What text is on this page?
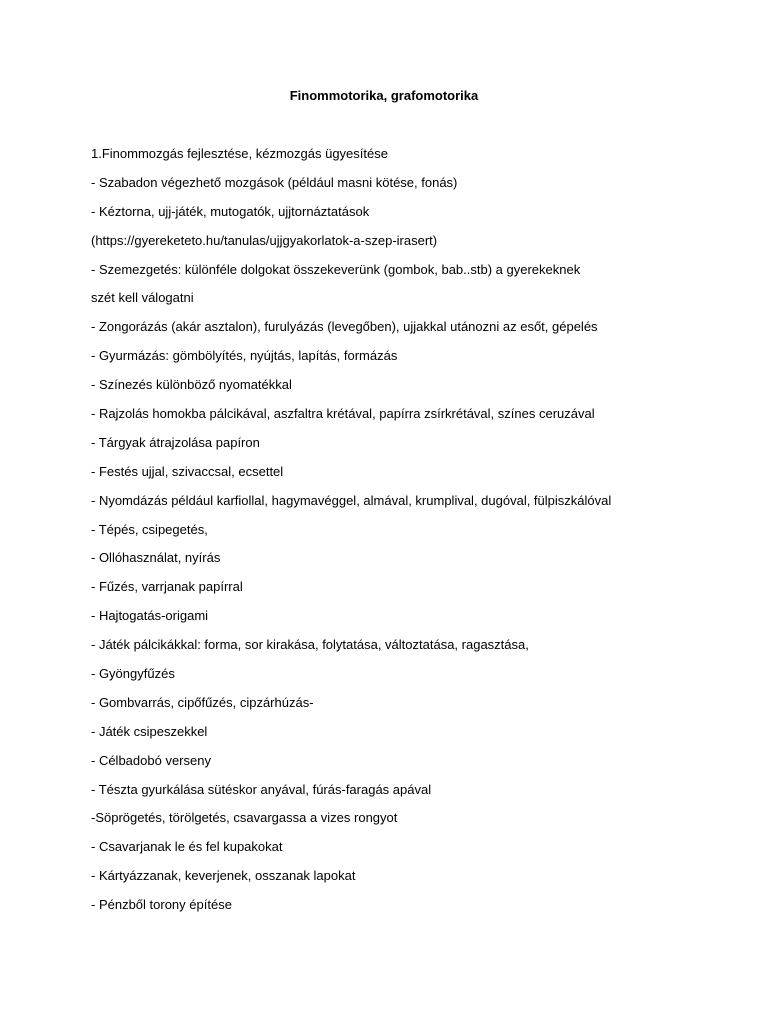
Finommotorika, grafomotorika
1.Finommozgás fejlesztése, kézmozgás ügyesítése
- Szabadon végezhető mozgások (például masni kötése, fonás)
- Kéztorna, ujj-játék, mutogatók, ujjtornáztatások
(https://gyereketeto.hu/tanulas/ujjgyakorlatok-a-szep-irasert)
- Szemezgetés: különféle dolgokat összekeverünk (gombok, bab..stb) a gyerekeknek
szét kell válogatni
- Zongorázás (akár asztalon), furulyázás (levegőben), ujjakkal utánozni az esőt, gépelés
- Gyurmázás: gömbölyítés, nyújtás, lapítás, formázás
- Színezés különböző nyomatékkal
- Rajzolás homokba pálcikával, aszfaltra krétával, papírra zsírkrétával, színes ceruzával
- Tárgyak átrajzolása papíron
- Festés ujjal, szivaccsal, ecsettel
- Nyomdázás például karfiollal, hagymavéggel, almával, krumplival, dugóval, fülpiszkálóval
- Tépés, csipegetés,
- Ollóhasználat, nyírás
- Fűzés, varrjanak papírral
- Hajtogatás-origami
- Játék pálcikákkal: forma, sor kirakása, folytatása, változtatása, ragasztása,
- Gyöngyfűzés
- Gombvarrás, cipőfűzés, cipzárhúzás-
- Játék csipeszekkel
- Célbadobó verseny
- Tészta gyurkálása sütéskor anyával, fúrás-faragás apával
-Söprögetés, törölgetés, csavargassa a vizes rongyot
- Csavarjanak le és fel kupakokat
- Kártyázzanak, keverjenek, osszanak lapokat
- Pénzből torony építése
